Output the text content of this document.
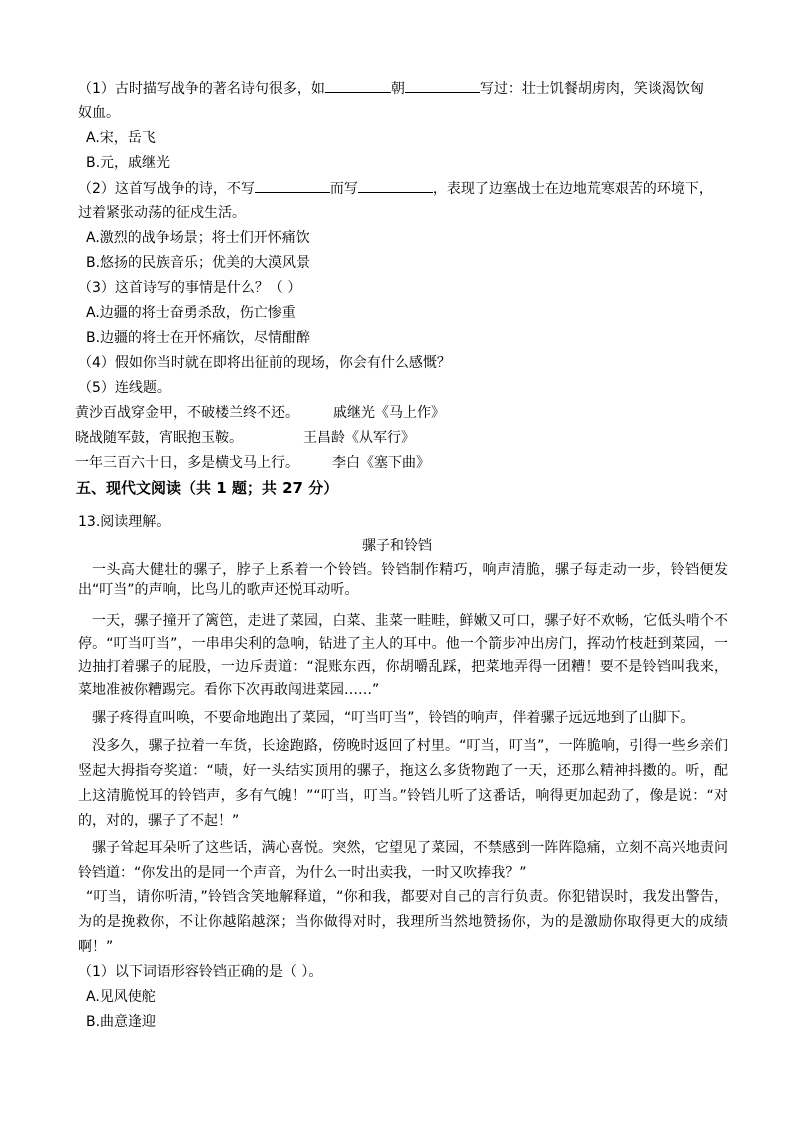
（1）古时描写战争的著名诗句很多，如	朝	写过：壮士饥餐胡虏肉，笑谈渴饮匈
奴血。
A.宋，岳飞
B.元，戚继光
（2）这首写战争的诗，不写	而写	，表现了边塞战士在边地荒寒艰苦的环境下，
过着紧张动荡的征戍生活。
A.激烈的战争场景；将士们开怀痛饮
B.悠扬的民族音乐；优美的大漠风景
（3）这首诗写的事情是什么？（ ）
A.边疆的将士奋勇杀敌，伤亡惨重
B.边疆的将士在开怀痛饮，尽情酣醉
（4）假如你当时就在即将出征前的现场，你会有什么感慨？
（5）连线题。
黄沙百战穿金甲，不破楼兰终不还。 戚继光《马上作》
晓战随军鼓，宵眠抱玉鞍。	王昌龄《从军行》
一年三百六十日，多是横戈马上行。 李白《塞下曲》
五、现代文阅读（共 1 题；共 27 分）
13.阅读理解。
骡子和铃铛
一头高大健壮的骡子，脖子上系着一个铃铛。铃铛制作精巧，响声清脆，骡子每走动一步，铃铛便发出“叮当”的声响，比鸟儿的歌声还悦耳动听。
一天，骡子撞开了篱笆，走进了菜园，白菜、韭菜一畦畦，鲜嫩又可口，骡子好不欢畅，它低头啃个不停。“叮当叮当”，一串串尖利的急响，钻进了主人的耳中。他一个箭步冲出房门，挥动竹枝赶到菜园，一边抽打着骡子的屁股，一边斥责道：“混账东西，你胡嚼乱踩，把菜地弄得一团糟！要不是铃铛叫我来，菜地准被你糟踢完。看你下次再敢闯进菜园……”
骡子疼得直叫唤，不要命地跑出了菜园，“叮当叮当”，铃铛的响声，伴着骡子远远地到了山脚下。
没多久，骡子拉着一车货，长途跑路，傍晚时返回了村里。“叮当，叮当”，一阵脆响，引得一些乡亲们竖起大拇指夸奖道：“啧，好一头结实顶用的骡子，拖这么多货物跑了一天，还那么精神抖擞的。听，配上这清脆悦耳的铃铛声，多有气魄！”“叮当，叮当。”铃铛儿听了这番话，响得更加起劲了，像是说：“对的，对的，骡子了不起！”
骡子耸起耳朵听了这些话，满心喜悦。突然，它望见了菜园，不禁感到一阵阵隐痛，立刻不高兴地责问铃铛道：“你发出的是同一个声音，为什么一时出卖我，一时又吹捧我？”
“叮当，请你听清，”铃铛含笑地解释道，“你和我，都要对自己的言行负责。你犯错误时，我发出警告，为的是挽救你，不让你越陷越深；当你做得对时，我理所当然地赞扬你，为的是激励你取得更大的成绩啊！”
（1）以下词语形容铃铛正确的是（ ）。
A.见风使舵
B.曲意逢迎
